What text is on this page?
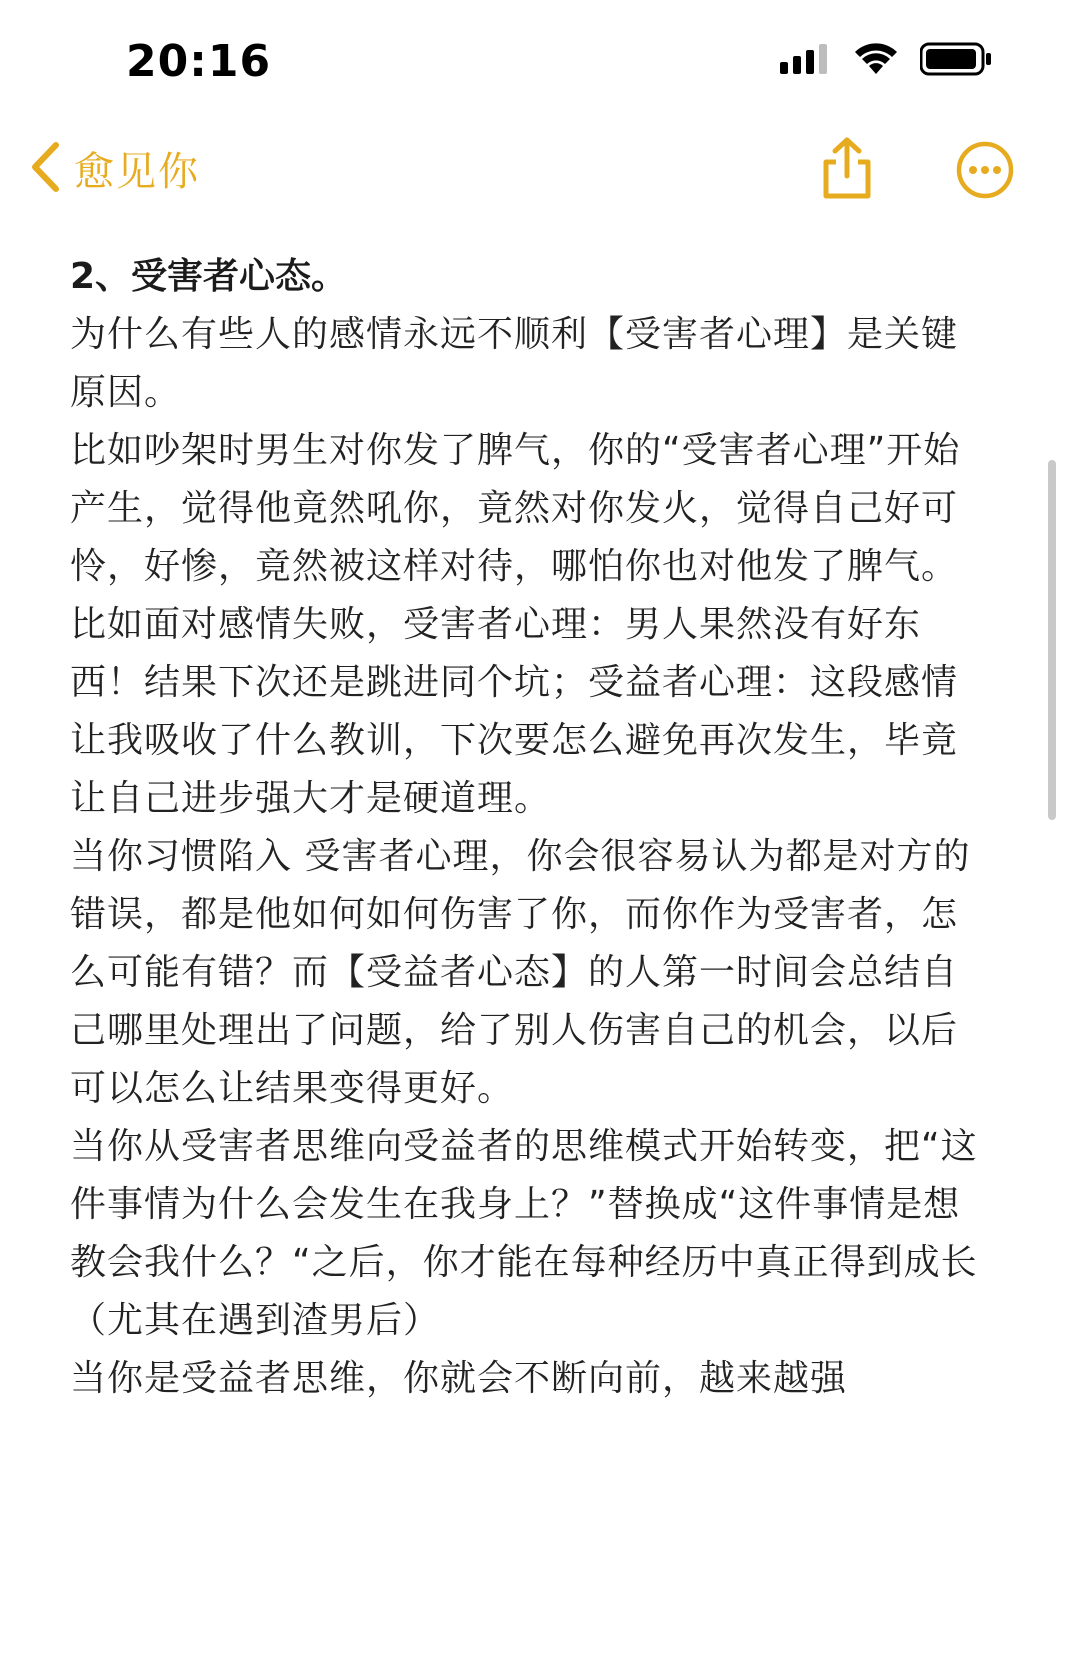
20:16
愈见你

2、受害者心态。

为什么有些人的感情永远不顺利【受害者心理】是关键原因。

比如吵架时男生对你发了脾气，你的“受害者心理”开始产生，觉得他竟然吼你，竟然对你发火，觉得自己好可怜，好惨，竟然被这样对待，哪怕你也对他发了脾气。

比如面对感情失败，受害者心理：男人果然没有好东西！结果下次还是跳进同个坑；受益者心理：这段感情让我吸收了什么教训，下次要怎么避免再次发生，毕竟让自己进步强大才是硬道理。

当你习惯陷入 受害者心理，你会很容易认为都是对方的错误，都是他如何如何伤害了你，而你作为受害者，怎么可能有错？而【受益者心态】的人第一时间会总结自己哪里处理出了问题，给了别人伤害自己的机会，以后可以怎么让结果变得更好。

当你从受害者思维向受益者的思维模式开始转变，把“这件事情为什么会发生在我身上？”替换成“这件事情是想教会我什么？“之后，你才能在每种经历中真正得到成长（尤其在遇到渣男后）

当你是受益者思维，你就会不断向前，越来越强
